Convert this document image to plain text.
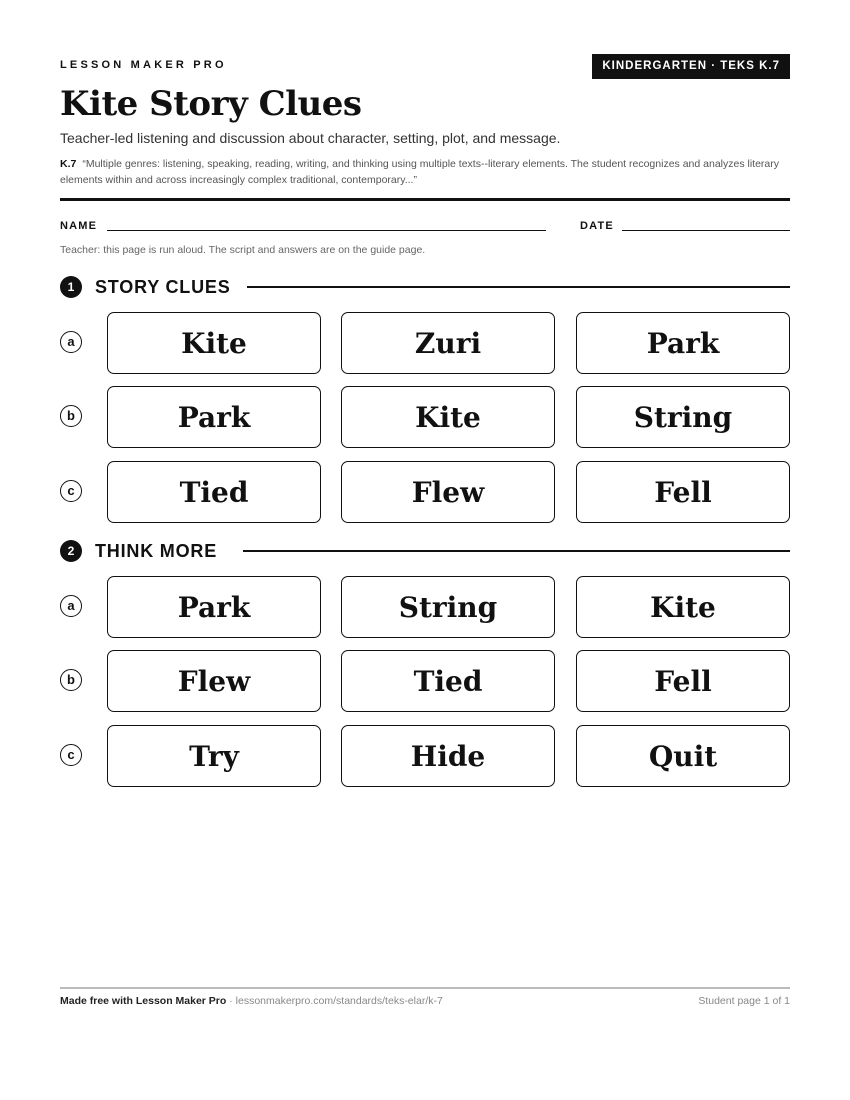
LESSON MAKER PRO	KINDERGARTEN · TEKS K.7
Kite Story Clues
Teacher-led listening and discussion about character, setting, plot, and message.
K.7 “Multiple genres: listening, speaking, reading, writing, and thinking using multiple texts--literary elements. The student recognizes and analyzes literary elements within and across increasingly complex traditional, contemporary...”
NAME	DATE
Teacher: this page is run aloud. The script and answers are on the guide page.
1	STORY CLUES
a	Kite	Zuri	Park
b	Park	Kite	String
c	Tied	Flew	Fell
2	THINK MORE
a	Park	String	Kite
b	Flew	Tied	Fell
c	Try	Hide	Quit
Made free with Lesson Maker Pro · lessonmakerpro.com/standards/teks-elar/k-7	Student page 1 of 1
